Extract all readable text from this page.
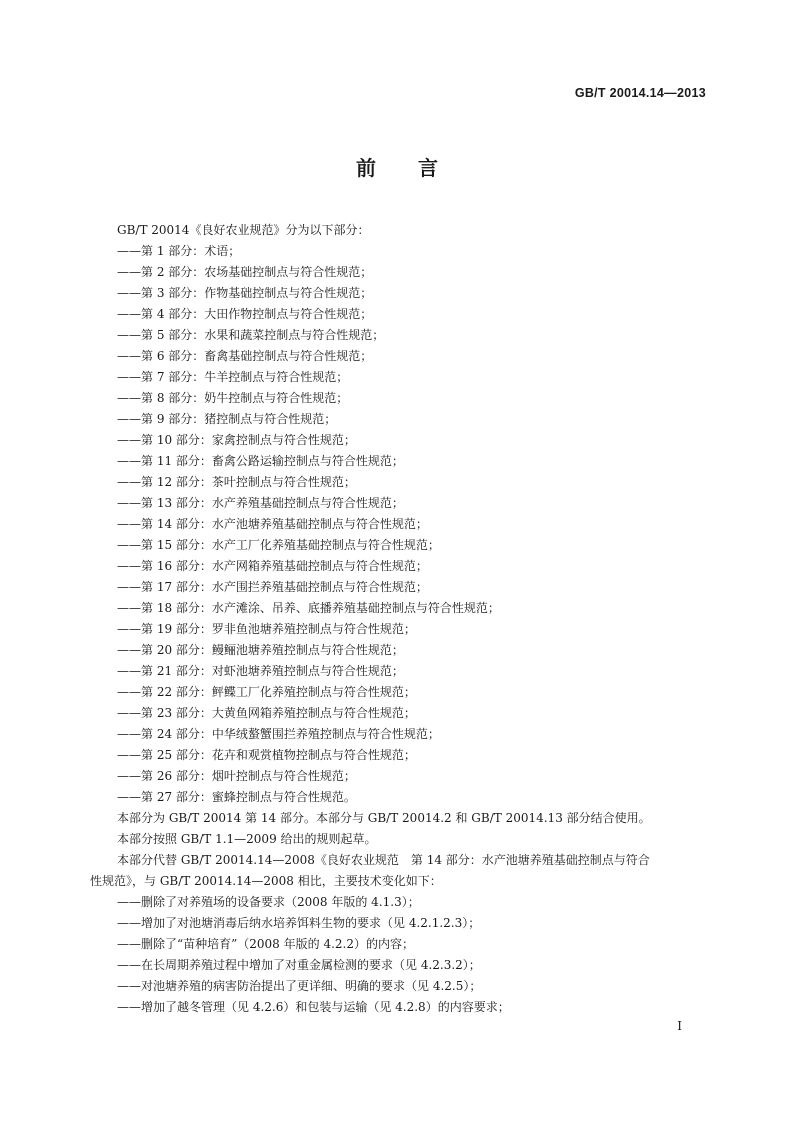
GB/T 20014.14—2013
前 言
GB/T 20014《良好农业规范》分为以下部分：
——第 1 部分：术语；
——第 2 部分：农场基础控制点与符合性规范；
——第 3 部分：作物基础控制点与符合性规范；
——第 4 部分：大田作物控制点与符合性规范；
——第 5 部分：水果和蔬菜控制点与符合性规范；
——第 6 部分：畜禽基础控制点与符合性规范；
——第 7 部分：牛羊控制点与符合性规范；
——第 8 部分：奶牛控制点与符合性规范；
——第 9 部分：猪控制点与符合性规范；
——第 10 部分：家禽控制点与符合性规范；
——第 11 部分：畜禽公路运输控制点与符合性规范；
——第 12 部分：茶叶控制点与符合性规范；
——第 13 部分：水产养殖基础控制点与符合性规范；
——第 14 部分：水产池塘养殖基础控制点与符合性规范；
——第 15 部分：水产工厂化养殖基础控制点与符合性规范；
——第 16 部分：水产网箱养殖基础控制点与符合性规范；
——第 17 部分：水产围拦养殖基础控制点与符合性规范；
——第 18 部分：水产滩涂、吊养、底播养殖基础控制点与符合性规范；
——第 19 部分：罗非鱼池塘养殖控制点与符合性规范；
——第 20 部分：鳗鲡池塘养殖控制点与符合性规范；
——第 21 部分：对虾池塘养殖控制点与符合性规范；
——第 22 部分：鲆鲽工厂化养殖控制点与符合性规范；
——第 23 部分：大黄鱼网箱养殖控制点与符合性规范；
——第 24 部分：中华绒螯蟹围拦养殖控制点与符合性规范；
——第 25 部分：花卉和观赏植物控制点与符合性规范；
——第 26 部分：烟叶控制点与符合性规范；
——第 27 部分：蜜蜂控制点与符合性规范。
本部分为 GB/T 20014 第 14 部分。本部分与 GB/T 20014.2 和 GB/T 20014.13 部分结合使用。
本部分按照 GB/T 1.1—2009 给出的规则起草。
本部分代替 GB/T 20014.14—2008《良好农业规范　第 14 部分：水产池塘养殖基础控制点与符合
性规范》，与 GB/T 20014.14—2008 相比，主要技术变化如下：
——删除了对养殖场的设备要求（2008 年版的 4.1.3）；
——增加了对池塘消毒后纳水培养饵料生物的要求（见 4.2.1.2.3）；
——删除了“苗种培育”（2008 年版的 4.2.2）的内容；
——在长周期养殖过程中增加了对重金属检测的要求（见 4.2.3.2）；
——对池塘养殖的病害防治提出了更详细、明确的要求（见 4.2.5）；
——增加了越冬管理（见 4.2.6）和包装与运输（见 4.2.8）的内容要求；
I
